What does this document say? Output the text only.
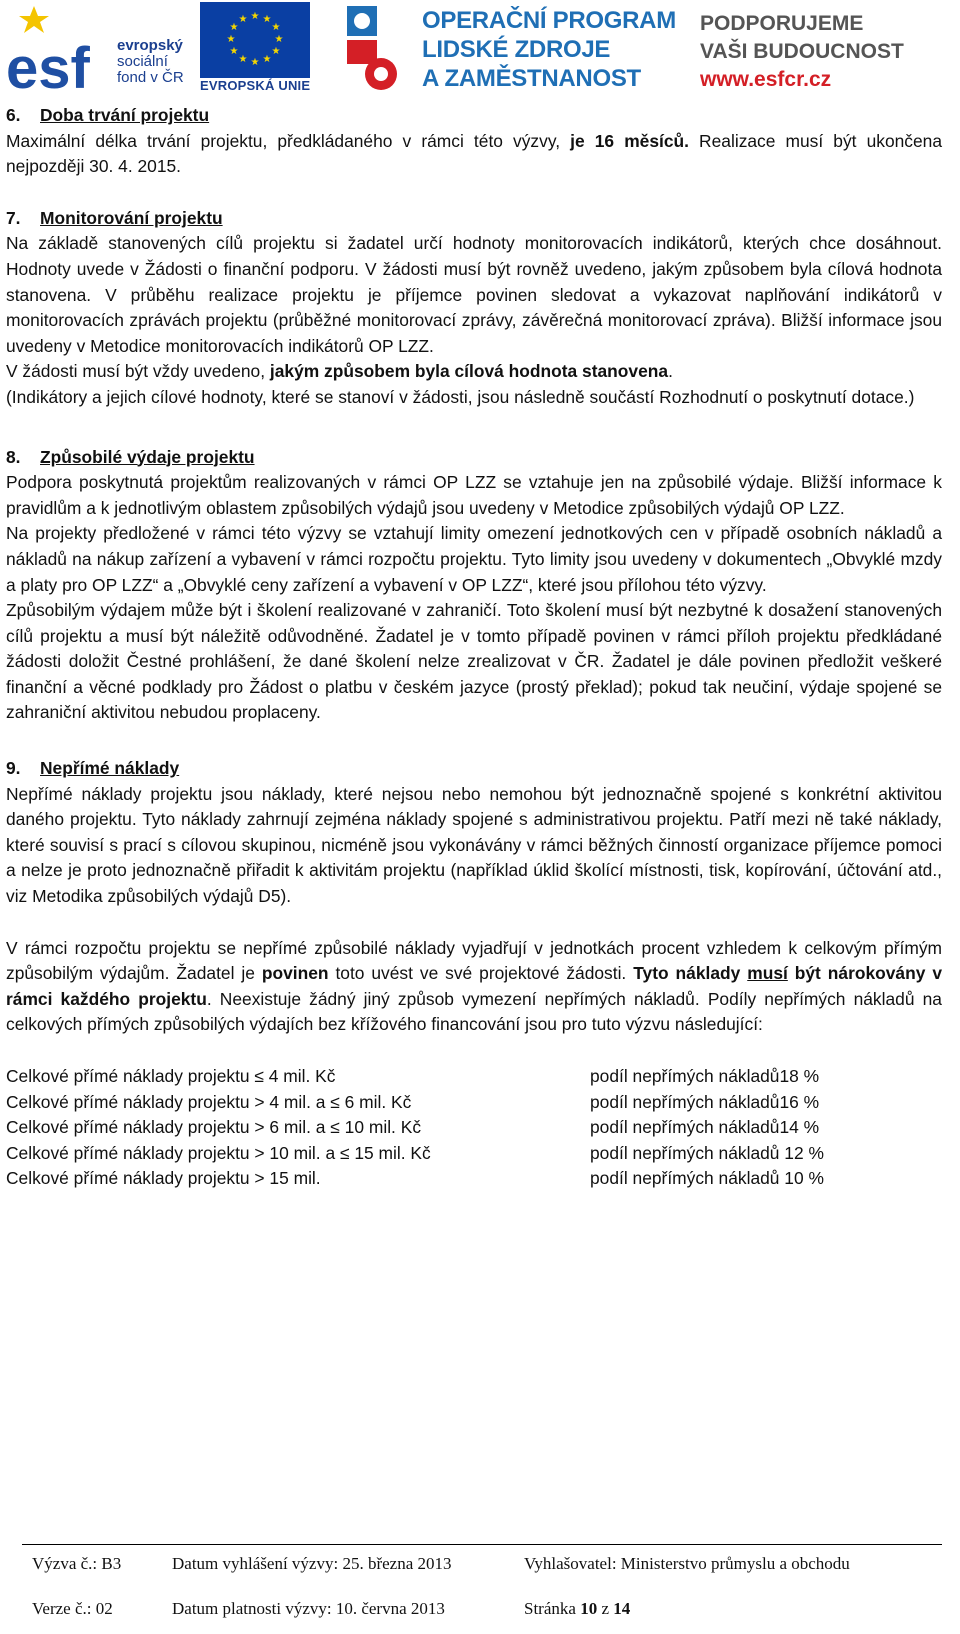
esf evropský
sociální
fond v ČR
★ ★
★
★
★
★
★
★
★
★
★
★
EVROPSKÁ UNIE
OPERAČNÍ PROGRAM
LIDSKÉ ZDROJE
A ZAMĚSTNANOST
PODPORUJEME
VAŠI BUDOUCNOST
www.esfcr.cz

6. Doba trvání projektu

Maximální délka trvání projektu, předkládaného v rámci této výzvy, je 16 měsíců. Realizace musí být ukončena nejpozději 30. 4. 2015.

7. Monitorování projektu

Na základě stanovených cílů projektu si žadatel určí hodnoty monitorovacích indikátorů, kterých chce dosáhnout. Hodnoty uvede v Žádosti o finanční podporu. V žádosti musí být rovněž uvedeno, jakým způsobem byla cílová hodnota stanovena. V průběhu realizace projektu je příjemce povinen sledovat a vykazovat naplňování indikátorů v monitorovacích zprávách projektu (průběžné monitorovací zprávy, závěrečná monitorovací zpráva). Bližší informace jsou uvedeny v Metodice monitorovacích indikátorů OP LZZ.

V žádosti musí být vždy uvedeno, jakým způsobem byla cílová hodnota stanovena.

(Indikátory a jejich cílové hodnoty, které se stanoví v žádosti, jsou následně součástí Rozhodnutí o poskytnutí dotace.)

8. Způsobilé výdaje projektu

Podpora poskytnutá projektům realizovaných v rámci OP LZZ se vztahuje jen na způsobilé výdaje. Bližší informace k pravidlům a k jednotlivým oblastem způsobilých výdajů jsou uvedeny v Metodice způsobilých výdajů OP LZZ.

Na projekty předložené v rámci této výzvy se vztahují limity omezení jednotkových cen v případě osobních nákladů a nákladů na nákup zařízení a vybavení v rámci rozpočtu projektu. Tyto limity jsou uvedeny v dokumentech „Obvyklé mzdy a platy pro OP LZZ“ a „Obvyklé ceny zařízení a vybavení v OP LZZ“, které jsou přílohou této výzvy.

Způsobilým výdajem může být i školení realizované v zahraničí. Toto školení musí být nezbytné k dosažení stanovených cílů projektu a musí být náležitě odůvodněné. Žadatel je v tomto případě povinen v rámci příloh projektu předkládané žádosti doložit Čestné prohlášení, že dané školení nelze zrealizovat v ČR. Žadatel je dále povinen předložit veškeré finanční a věcné podklady pro Žádost o platbu v českém jazyce (prostý překlad); pokud tak neučiní, výdaje spojené se zahraniční aktivitou nebudou proplaceny.

9. Nepřímé náklady

Nepřímé náklady projektu jsou náklady, které nejsou nebo nemohou být jednoznačně spojené s konkrétní aktivitou daného projektu. Tyto náklady zahrnují zejména náklady spojené s administrativou projektu. Patří mezi ně také náklady, které souvisí s prací s cílovou skupinou, nicméně jsou vykonávány v rámci běžných činností organizace příjemce pomoci a nelze je proto jednoznačně přiřadit k aktivitám projektu (například úklid školící místnosti, tisk, kopírování, účtování atd., viz Metodika způsobilých výdajů D5).

V rámci rozpočtu projektu se nepřímé způsobilé náklady vyjadřují v jednotkách procent vzhledem k celkovým přímým způsobilým výdajům. Žadatel je povinen toto uvést ve své projektové žádosti. Tyto náklady musí být nárokovány v rámci každého projektu. Neexistuje žádný jiný způsob vymezení nepřímých nákladů. Podíly nepřímých nákladů na celkových přímých způsobilých výdajích bez křížového financování jsou pro tuto výzvu následující:

Celkové přímé náklady projektu ≤ 4 mil. Kč	podíl nepřímých nákladů18 %
Celkové přímé náklady projektu > 4 mil. a ≤ 6 mil. Kč	podíl nepřímých nákladů16 %
Celkové přímé náklady projektu > 6 mil. a ≤ 10 mil. Kč	podíl nepřímých nákladů14 %
Celkové přímé náklady projektu > 10 mil. a ≤ 15 mil. Kč	podíl nepřímých nákladů 12 %
Celkové přímé náklady projektu > 15 mil.	podíl nepřímých nákladů 10 %
Výzva č.: B3	Datum vyhlášení výzvy: 25. března 2013	Vyhlašovatel: Ministerstvo průmyslu a obchodu
Verze č.: 02	Datum platnosti výzvy: 10. června 2013	Stránka 10 z 14
